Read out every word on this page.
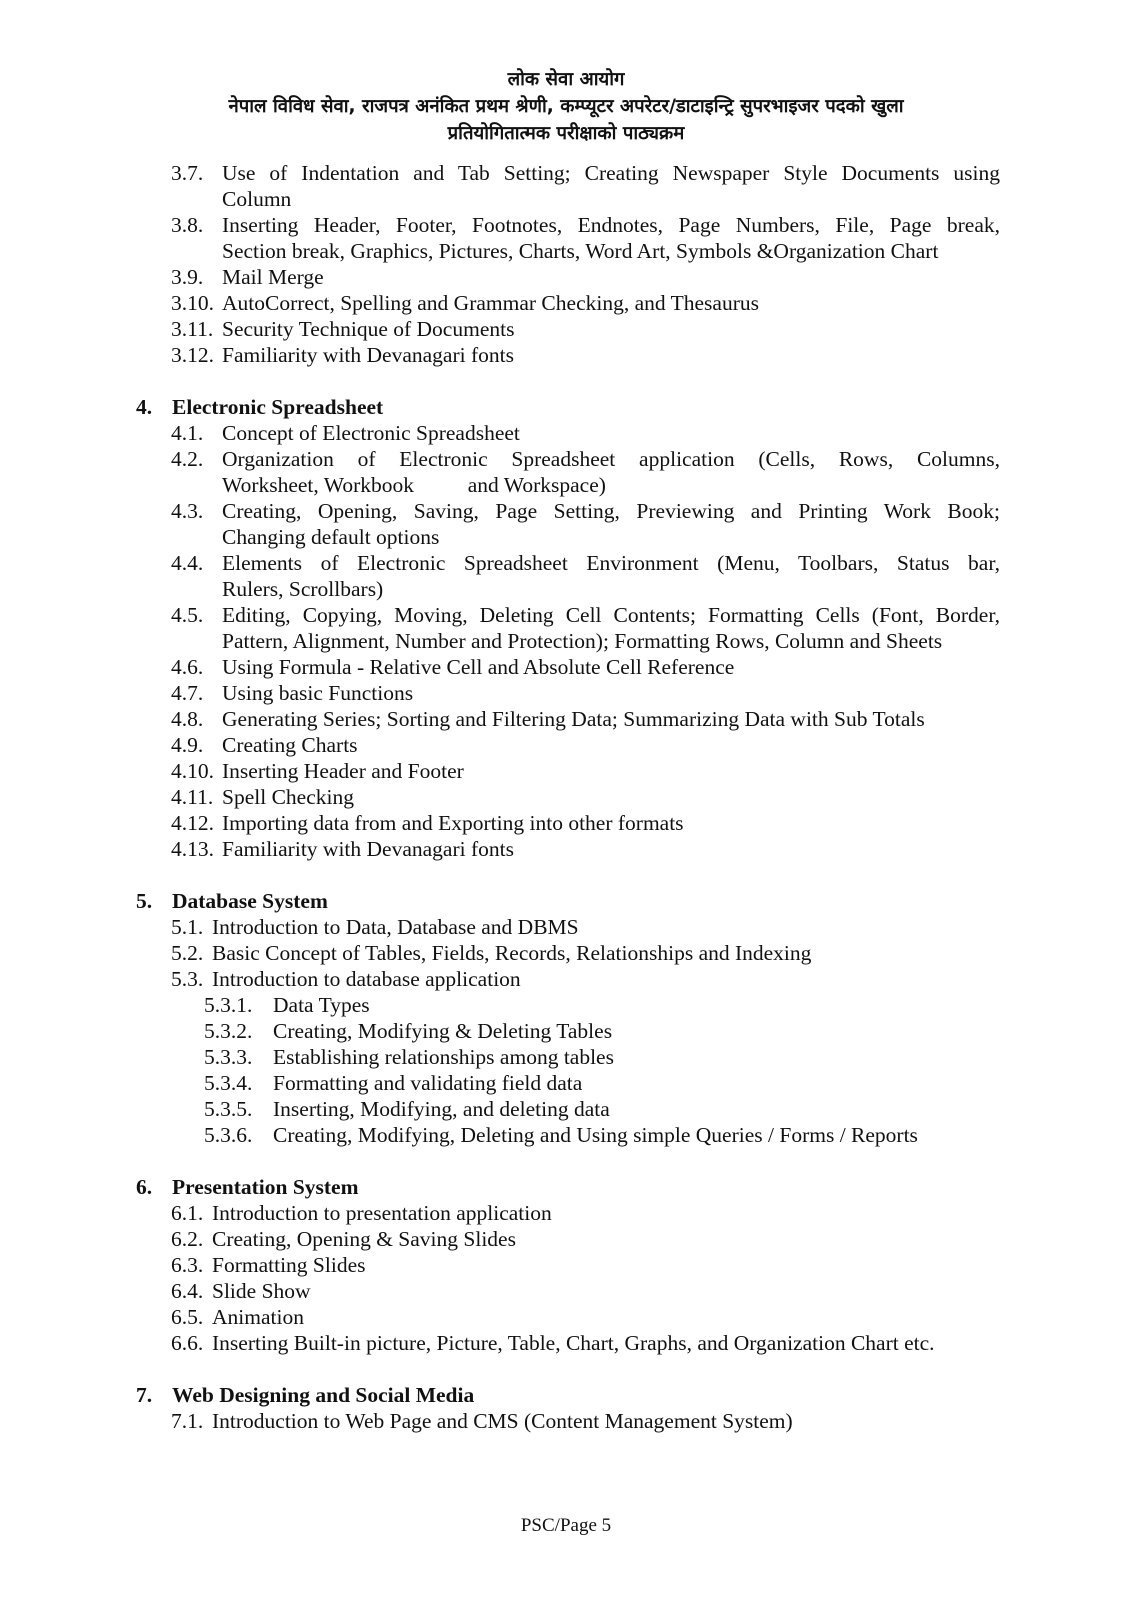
लोक सेवा आयोग
नेपाल विविध सेवा, राजपत्र अनंकित प्रथम श्रेणी, कम्प्यूटर अपरेटर/डाटाइन्ट्रि सुपरभाइजर पदको खुला
प्रतियोगितात्मक परीक्षाको पाठ्यक्रम
3.7. Use of Indentation and Tab Setting; Creating Newspaper Style Documents using
Column
3.8. Inserting Header, Footer, Footnotes, Endnotes, Page Numbers, File, Page break,
Section break, Graphics, Pictures, Charts, Word Art, Symbols &Organization Chart
3.9. Mail Merge
3.10. AutoCorrect, Spelling and Grammar Checking, and Thesaurus
3.11. Security Technique of Documents
3.12. Familiarity with Devanagari fonts
4. Electronic Spreadsheet
4.1. Concept of Electronic Spreadsheet
4.2. Organization of Electronic Spreadsheet application (Cells, Rows, Columns,
Worksheet, Workbook          and Workspace)
4.3. Creating, Opening, Saving, Page Setting, Previewing and Printing Work Book;
Changing default options
4.4. Elements of Electronic Spreadsheet Environment (Menu, Toolbars, Status bar,
Rulers, Scrollbars)
4.5. Editing, Copying, Moving, Deleting Cell Contents; Formatting Cells (Font, Border,
Pattern, Alignment, Number and Protection); Formatting Rows, Column and Sheets
4.6. Using Formula - Relative Cell and Absolute Cell Reference
4.7. Using basic Functions
4.8. Generating Series; Sorting and Filtering Data; Summarizing Data with Sub Totals
4.9. Creating Charts
4.10. Inserting Header and Footer
4.11. Spell Checking
4.12. Importing data from and Exporting into other formats
4.13. Familiarity with Devanagari fonts
5. Database System
5.1. Introduction to Data, Database and DBMS
5.2. Basic Concept of Tables, Fields, Records, Relationships and Indexing
5.3. Introduction to database application
5.3.1. Data Types
5.3.2. Creating, Modifying & Deleting Tables
5.3.3. Establishing relationships among tables
5.3.4. Formatting and validating field data
5.3.5. Inserting, Modifying, and deleting data
5.3.6. Creating, Modifying, Deleting and Using simple Queries / Forms / Reports
6. Presentation System
6.1. Introduction to presentation application
6.2. Creating, Opening & Saving Slides
6.3. Formatting Slides
6.4. Slide Show
6.5. Animation
6.6. Inserting Built-in picture, Picture, Table, Chart, Graphs, and Organization Chart etc.
7. Web Designing and Social Media
7.1. Introduction to Web Page and CMS (Content Management System)
PSC/Page 5
